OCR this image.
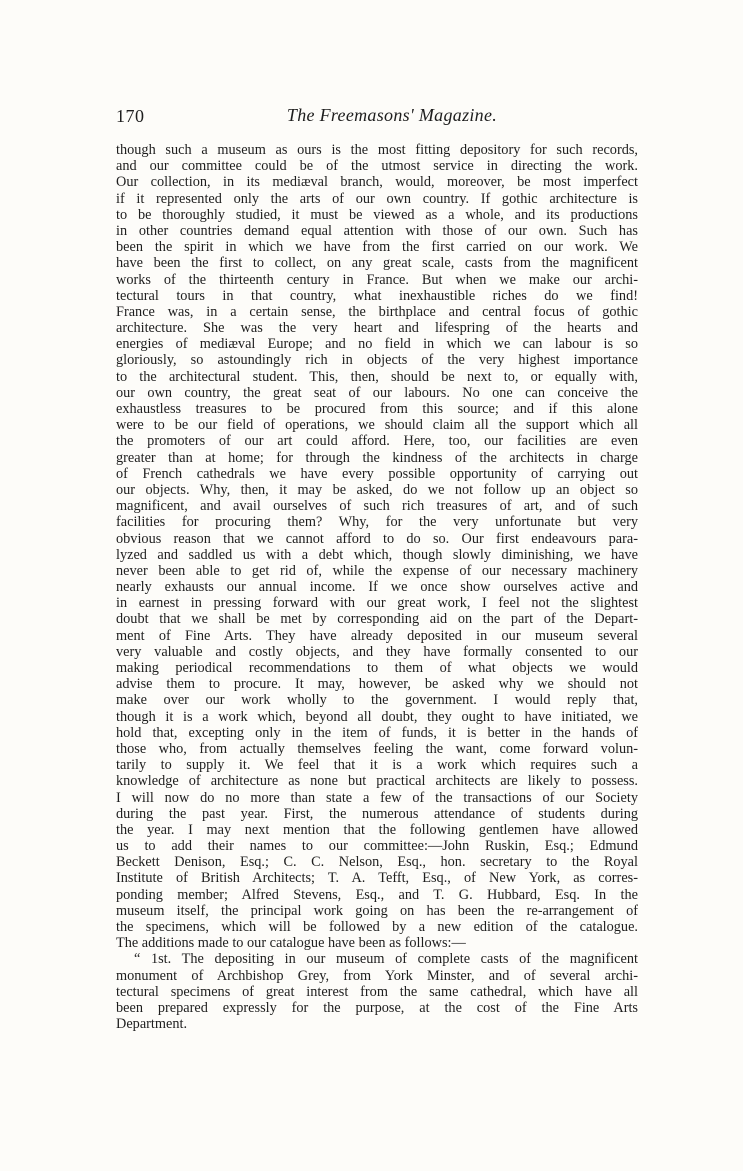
170	The Freemasons' Magazine.
though such a museum as ours is the most fitting depository for such records,
and our committee could be of the utmost service in directing the work.
Our collection, in its mediæval branch, would, moreover, be most imperfect
if it represented only the arts of our own country. If gothic architecture is
to be thoroughly studied, it must be viewed as a whole, and its productions
in other countries demand equal attention with those of our own. Such has
been the spirit in which we have from the first carried on our work. We
have been the first to collect, on any great scale, casts from the magnificent
works of the thirteenth century in France. But when we make our archi-
tectural tours in that country, what inexhaustible riches do we find!
France was, in a certain sense, the birthplace and central focus of gothic
architecture. She was the very heart and lifespring of the hearts and
energies of mediæval Europe; and no field in which we can labour is so
gloriously, so astoundingly rich in objects of the very highest importance
to the architectural student. This, then, should be next to, or equally with,
our own country, the great seat of our labours. No one can conceive the
exhaustless treasures to be procured from this source; and if this alone
were to be our field of operations, we should claim all the support which all
the promoters of our art could afford. Here, too, our facilities are even
greater than at home; for through the kindness of the architects in charge
of French cathedrals we have every possible opportunity of carrying out
our objects. Why, then, it may be asked, do we not follow up an object so
magnificent, and avail ourselves of such rich treasures of art, and of such
facilities for procuring them? Why, for the very unfortunate but very
obvious reason that we cannot afford to do so. Our first endeavours para-
lyzed and saddled us with a debt which, though slowly diminishing, we have
never been able to get rid of, while the expense of our necessary machinery
nearly exhausts our annual income. If we once show ourselves active and
in earnest in pressing forward with our great work, I feel not the slightest
doubt that we shall be met by corresponding aid on the part of the Depart-
ment of Fine Arts. They have already deposited in our museum several
very valuable and costly objects, and they have formally consented to our
making periodical recommendations to them of what objects we would
advise them to procure. It may, however, be asked why we should not
make over our work wholly to the government. I would reply that,
though it is a work which, beyond all doubt, they ought to have initiated, we
hold that, excepting only in the item of funds, it is better in the hands of
those who, from actually themselves feeling the want, come forward volun-
tarily to supply it. We feel that it is a work which requires such a
knowledge of architecture as none but practical architects are likely to possess.
I will now do no more than state a few of the transactions of our Society
during the past year. First, the numerous attendance of students during
the year. I may next mention that the following gentlemen have allowed
us to add their names to our committee:—John Ruskin, Esq.; Edmund
Beckett Denison, Esq.; C. C. Nelson, Esq., hon. secretary to the Royal
Institute of British Architects; T. A. Tefft, Esq., of New York, as corres-
ponding member; Alfred Stevens, Esq., and T. G. Hubbard, Esq. In the
museum itself, the principal work going on has been the re-arrangement of
the specimens, which will be followed by a new edition of the catalogue.
The additions made to our catalogue have been as follows:—
“ 1st. The depositing in our museum of complete casts of the magnificent
monument of Archbishop Grey, from York Minster, and of several archi-
tectural specimens of great interest from the same cathedral, which have all
been prepared expressly for the purpose, at the cost of the Fine Arts
Department.
